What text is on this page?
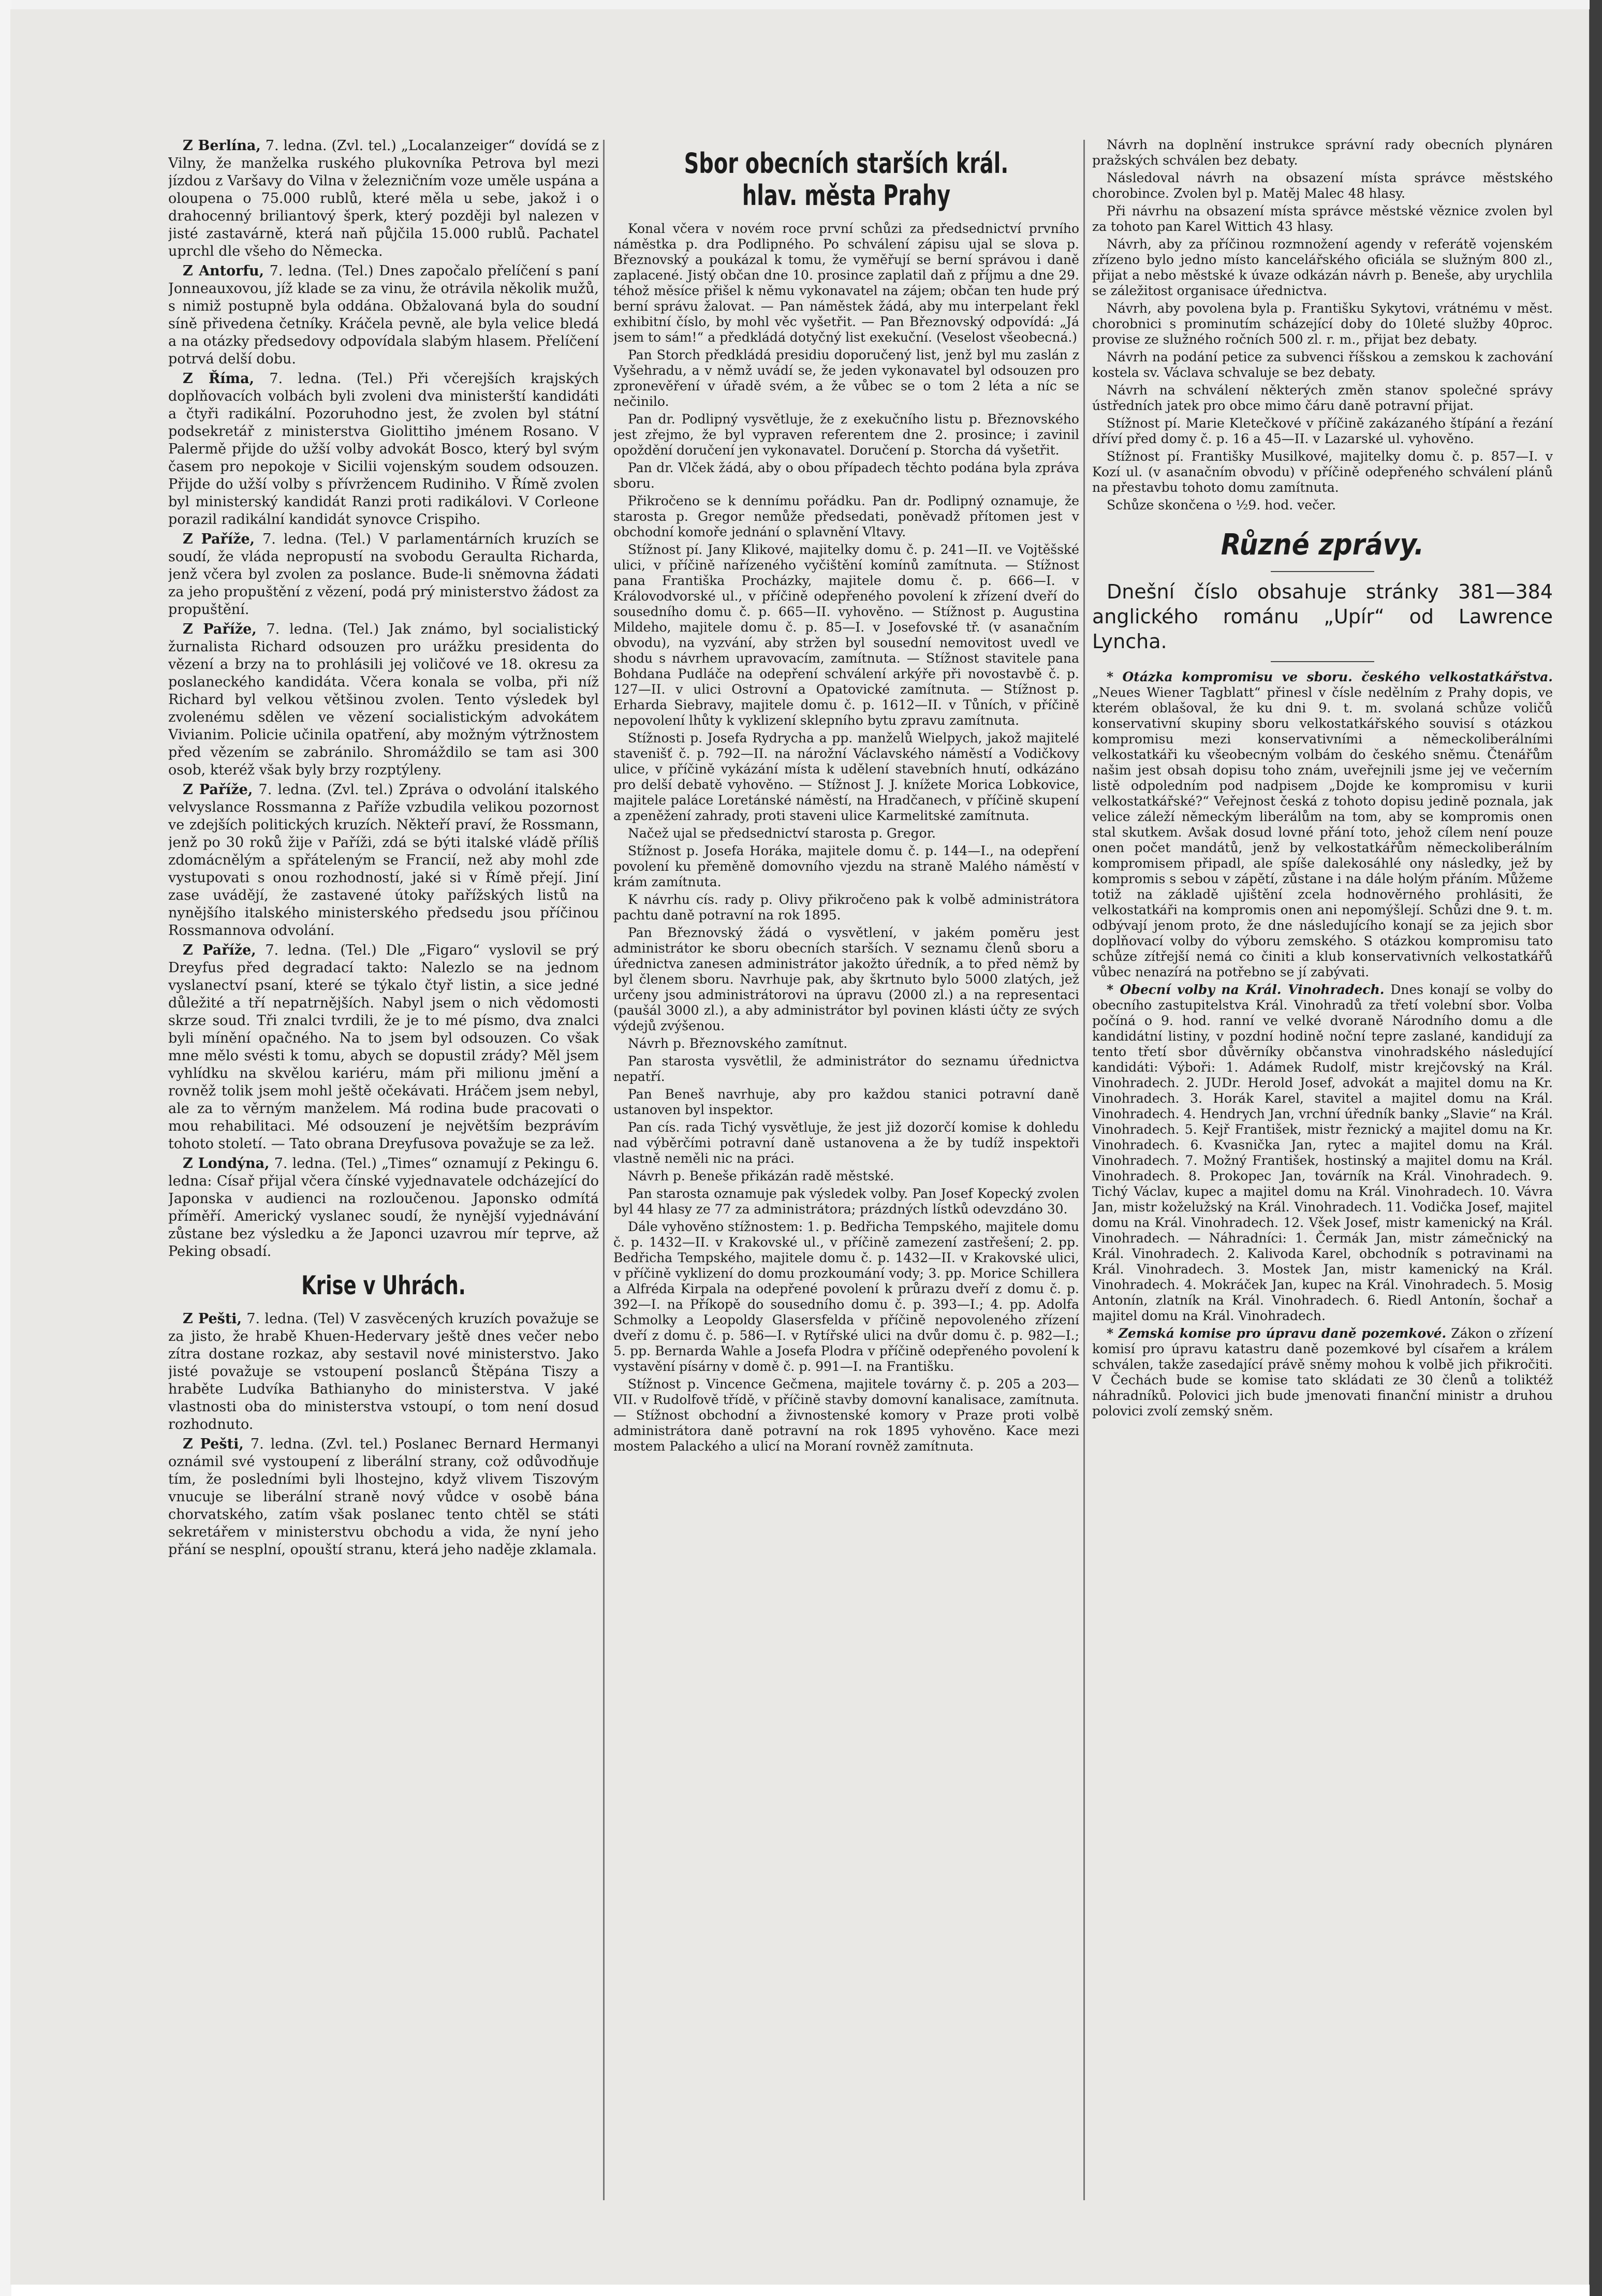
Z Berlína, 7. ledna. (Zvl. tel.) „Localanzeiger“ dovídá se z Vilny, že manželka ruského plukovníka Petrova byl mezi jízdou z Varšavy do Vilna v železničním voze uměle uspána a oloupena o 75.000 rublů, které měla u sebe, jakož i o drahocenný briliantový šperk, který později byl nalezen v jisté zastavárně, která naň půjčila 15.000 rublů. Pachatel uprchl dle všeho do Německa.

Z Antorfu, 7. ledna. (Tel.) Dnes započalo přelíčení s paní Jonneauxovou, jíž klade se za vinu, že otrávila několik mužů, s nimiž postupně byla oddána. Obžalovaná byla do soudní síně přivedena četníky. Kráčela pevně, ale byla velice bledá a na otázky předsedovy odpovídala slabým hlasem. Přelíčení potrvá delší dobu.

Z Říma, 7. ledna. (Tel.) Při včerejších krajských doplňovacích volbách byli zvoleni dva ministerští kandidáti a čtyři radikální. Pozoruhodno jest, že zvolen byl státní podsekretář z ministerstva Giolittiho jménem Rosano. V Palermě přijde do užší volby advokát Bosco, který byl svým časem pro nepokoje v Sicilii vojenským soudem odsouzen. Přijde do užší volby s přívržencem Rudiniho. V Římě zvolen byl ministerský kandidát Ranzi proti radikálovi. V Corleone porazil radikální kandidát synovce Crispiho.

Z Paříže, 7. ledna. (Tel.) V parlamentárních kruzích se soudí, že vláda nepropustí na svobodu Geraulta Richarda, jenž včera byl zvolen za poslance. Bude-li sněmovna žádati za jeho propuštění z vězení, podá prý ministerstvo žádost za propuštění.

Z Paříže, 7. ledna. (Tel.) Jak známo, byl socialistický žurnalista Richard odsouzen pro urážku presidenta do vězení a brzy na to prohlásili jej voličové ve 18. okresu za poslaneckého kandidáta. Včera konala se volba, při níž Richard byl velkou většinou zvolen. Tento výsledek byl zvolenému sdělen ve vězení socialistickým advokátem Vivianim. Policie učinila opatření, aby možným výtržnostem před vězením se zabránilo. Shromáždilo se tam asi 300 osob, kteréž však byly brzy rozptýleny.

Z Paříže, 7. ledna. (Zvl. tel.) Zpráva o odvolání italského velvyslance Rossmanna z Paříže vzbudila velikou pozornost ve zdejších politických kruzích. Někteří praví, že Rossmann, jenž po 30 roků žije v Paříži, zdá se býti italské vládě příliš zdomácnělým a spřáteleným se Francií, než aby mohl zde vystupovati s onou rozhodností, jaké si v Římě přejí. Jiní zase uvádějí, že zastavené útoky pařížských listů na nynějšího italského ministerského předsedu jsou příčinou Rossmannova odvolání.

Z Paříže, 7. ledna. (Tel.) Dle „Figaro“ vyslovil se prý Dreyfus před degradací takto: Nalezlo se na jednom vyslanectví psaní, které se týkalo čtyř listin, a sice jedné důležité a tří nepatrnějších. Nabyl jsem o nich vědomosti skrze soud. Tři znalci tvrdili, že je to mé písmo, dva znalci byli mínění opačného. Na to jsem byl odsouzen. Co však mne mělo svésti k tomu, abych se dopustil zrády? Měl jsem vyhlídku na skvělou kariéru, mám při milionu jmění a rovněž tolik jsem mohl ještě očekávati. Hráčem jsem nebyl, ale za to věrným manželem. Má rodina bude pracovati o mou rehabilitaci. Mé odsouzení je největším bezprávím tohoto století. — Tato obrana Dreyfusova považuje se za lež.

Z Londýna, 7. ledna. (Tel.) „Times“ oznamují z Pekingu 6. ledna: Císař přijal včera čínské vyjednavatele odcházející do Japonska v audienci na rozloučenou. Japonsko odmítá příměří. Americký vyslanec soudí, že nynější vyjednávání zůstane bez výsledku a že Japonci uzavrou mír teprve, až Peking obsadí.

Krise v Uhrách.

Z Pešti, 7. ledna. (Tel) V zasvěcených kruzích považuje se za jisto, že hrabě Khuen-Hedervary ještě dnes večer nebo zítra dostane rozkaz, aby sestavil nové ministerstvo. Jako jisté považuje se vstoupení poslanců Štěpána Tiszy a hraběte Ludvíka Bathianyho do ministerstva. V jaké vlastnosti oba do ministerstva vstoupí, o tom není dosud rozhodnuto.

Z Pešti, 7. ledna. (Zvl. tel.) Poslanec Bernard Hermanyi oznámil své vystoupení z liberální strany, což odůvodňuje tím, že posledními byli lhostejno, když vlivem Tiszovým vnucuje se liberální straně nový vůdce v osobě bána chorvatského, zatím však poslanec tento chtěl se státi sekretářem v ministerstvu obchodu a vida, že nyní jeho přání se nesplní, opouští stranu, která jeho naděje zklamala.

Sbor obecních starších král. hlav. města Prahy

Konal včera v novém roce první schůzi za předsednictví prvního náměstka p. dra Podlipného. Po schválení zápisu ujal se slova p. Březnovský a poukázal k tomu, že vyměřují se berní správou i daně zaplacené. Jistý občan dne 10. prosince zaplatil daň z příjmu a dne 29. téhož měsíce přišel k němu vykonavatel na zájem; občan ten hude prý berní správu žalovat. — Pan náměstek žádá, aby mu interpelant řekl exhibitní číslo, by mohl věc vyšetřit. — Pan Březnovský odpovídá: „Já jsem to sám!“ a předkládá dotyčný list exekuční. (Veselost všeobecná.)

Pan Storch předkládá presidiu doporučený list, jenž byl mu zaslán z Vyšehradu, a v němž uvádí se, že jeden vykonavatel byl odsouzen pro zpronevěření v úřadě svém, a že vůbec se o tom 2 léta a níc se nečinilo.

Pan dr. Podlipný vysvětluje, že z exekučního listu p. Březnovského jest zřejmo, že byl vypraven referentem dne 2. prosince; i zavinil opoždění doručení jen vykonavatel. Doručení p. Storcha dá vyšetřit.

Pan dr. Vlček žádá, aby o obou případech těchto podána byla zpráva sboru.

Přikročeno se k dennímu pořádku. Pan dr. Podlipný oznamuje, že starosta p. Gregor nemůže předsedati, poněvadž přítomen jest v obchodní komoře jednání o splavnění Vltavy.

Stížnost pí. Jany Klikové, majitelky domu č. p. 241—II. ve Vojtěšské ulici, v příčině nařízeného vyčištění komínů zamítnuta. — Stížnost pana Františka Procházky, majitele domu č. p. 666—I. v Královodvorské ul., v příčině odepřeného povolení k zřízení dveří do sousedního domu č. p. 665—II. vyhověno. — Stížnost p. Augustina Mildeho, majitele domu č. p. 85—I. v Josefovské tř. (v asanačním obvodu), na vyzvání, aby stržen byl sousední nemovitost uvedl ve shodu s návrhem upravovacím, zamítnuta. — Stížnost stavitele pana Bohdana Pudláče na odepření schválení arkýře při novostavbě č. p. 127—II. v ulici Ostrovní a Opatovické zamítnuta. — Stížnost p. Erharda Siebravy, majitele domu č. p. 1612—II. v Tůních, v příčině nepovolení lhůty k vyklizení sklepního bytu zpravu zamítnuta.

Stížnosti p. Josefa Rydrycha a pp. manželů Wielpych, jakož majitelé stavenišť č. p. 792—II. na nárožní Václavského náměstí a Vodičkovy ulice, v příčině vykázání místa k udělení stavebních hnutí, odkázáno pro delší debatě vyhověno. — Stížnost J. J. knížete Morica Lobkovice, majitele paláce Loretánské náměstí, na Hradčanech, v příčině skupení a zpeněžení zahrady, proti staveni ulice Karmelitské zamítnuta.

Načež ujal se předsednictví starosta p. Gregor.

Stížnost p. Josefa Horáka, majitele domu č. p. 144—I., na odepření povolení ku přeměně domovního vjezdu na straně Malého náměstí v krám zamítnuta.

K návrhu cís. rady p. Olivy přikročeno pak k volbě administrátora pachtu daně potravní na rok 1895.

Pan Březnovský žádá o vysvětlení, v jakém poměru jest administrátor ke sboru obecních starších. V seznamu členů sboru a úřednictva zanesen administrátor jakožto úředník, a to před němž by byl členem sboru. Navrhuje pak, aby škrtnuto bylo 5000 zlatých, jež určeny jsou administrátorovi na úpravu (2000 zl.) a na representaci (paušál 3000 zl.), a aby administrátor byl povinen klásti účty ze svých výdejů zvýšenou.

Návrh p. Březnovského zamítnut.

Pan starosta vysvětlil, že administrátor do seznamu úřednictva nepatří.

Pan Beneš navrhuje, aby pro každou stanici potravní daně ustanoven byl inspektor.

Pan cís. rada Tichý vysvětluje, že jest již dozorčí komise k dohledu nad výběrčími potravní daně ustanovena a že by tudíž inspektoři vlastně neměli nic na práci.

Návrh p. Beneše přikázán radě městské.

Pan starosta oznamuje pak výsledek volby. Pan Josef Kopecký zvolen byl 44 hlasy ze 77 za administrátora; prázdných lístků odevzdáno 30.

Dále vyhověno stížnostem: 1. p. Bedřicha Tempského, majitele domu č. p. 1432—II. v Krakovské ul., v příčině zamezení zastřešení; 2. pp. Bedřicha Tempského, majitele domu č. p. 1432—II. v Krakovské ulici, v příčině vyklizení do domu prozkoumání vody; 3. pp. Morice Schillera a Alfréda Kirpala na odepřené povolení k průrazu dveří z domu č. p. 392—I. na Příkopě do sousedního domu č. p. 393—I.; 4. pp. Adolfa Schmolky a Leopoldy Glasersfelda v příčině nepovoleného zřízení dveří z domu č. p. 586—I. v Rytířské ulici na dvůr domu č. p. 982—I.; 5. pp. Bernarda Wahle a Josefa Plodra v příčině odepřeného povolení k vystavění písárny v domě č. p. 991—I. na Františku.

Stížnost p. Vincence Gečmena, majitele továrny č. p. 205 a 203—VII. v Rudolfově třídě, v příčině stavby domovní kanalisace, zamítnuta. — Stížnost obchodní a živnostenské komory v Praze proti volbě administrátora daně potravní na rok 1895 vyhověno. Kace mezi mostem Palackého a ulicí na Moraní rovněž zamítnuta.

Návrh na doplnění instrukce správní rady obecních plynáren pražských schválen bez debaty.

Následoval návrh na obsazení místa správce městského chorobince. Zvolen byl p. Matěj Malec 48 hlasy.

Při návrhu na obsazení místa správce městské věznice zvolen byl za tohoto pan Karel Wittich 43 hlasy.

Návrh, aby za příčinou rozmnožení agendy v referátě vojenském zřízeno bylo jedno místo kancelářského oficiála se služným 800 zl., přijat a nebo městské k úvaze odkázán návrh p. Beneše, aby urychlila se záležitost organisace úřednictva.

Návrh, aby povolena byla p. Františku Sykytovi, vrátnému v měst. chorobnici s prominutím scházející doby do 10leté služby 40proc. provise ze služného ročních 500 zl. r. m., přijat bez debaty.

Návrh na podání petice za subvenci říšskou a zemskou k zachování kostela sv. Václava schvaluje se bez debaty.

Návrh na schválení některých změn stanov společné správy ústředních jatek pro obce mimo čáru daně potravní přijat.

Stížnost pí. Marie Kletečkové v příčině zakázaného štípání a řezání dříví před domy č. p. 16 a 45—II. v Lazarské ul. vyhověno.

Stížnost pí. Františky Musilkové, majitelky domu č. p. 857—I. v Kozí ul. (v asanačním obvodu) v příčině odepřeného schválení plánů na přestavbu tohoto domu zamítnuta.

Schůze skončena o ½9. hod. večer.

Různé zprávy.

Dnešní číslo obsahuje stránky 381—384 anglického románu „Upír“ od Lawrence Lyncha.

* Otázka kompromisu ve sboru. českého velkostatkářstva. „Neues Wiener Tagblatt“ přinesl v čísle nedělním z Prahy dopis, ve kterém oblašoval, že ku dni 9. t. m. svolaná schůze voličů konservativní skupiny sboru velkostatkářského souvisí s otázkou kompromisu mezi konservativními a německoliberálními velkostatkáři ku všeobecným volbám do českého sněmu. Čtenářům našim jest obsah dopisu toho znám, uveřejnili jsme jej ve večerním listě odpoledním pod nadpisem „Dojde ke kompromisu v kurii velkostatkářské?“ Veřejnost česká z tohoto dopisu jedině poznala, jak velice záleží německým liberálům na tom, aby se kompromis onen stal skutkem. Avšak dosud lovné přání toto, jehož cílem není pouze onen počet mandátů, jenž by velkostatkářům německoliberálním kompromisem připadl, ale spíše dalekosáhlé ony následky, jež by kompromis s sebou v zápětí, zůstane i na dále holým přáním. Můžeme totiž na základě ujištění zcela hodnověrného prohlásiti, že velkostatkáři na kompromis onen ani nepomýšlejí. Schůzi dne 9. t. m. odbývají jenom proto, že dne následujícího konají se za jejich sbor doplňovací volby do výboru zemského. S otázkou kompromisu tato schůze zítřejší nemá co činiti a klub konservativních velkostatkářů vůbec nenazírá na potřebno se jí zabývati.

* Obecní volby na Král. Vinohradech. Dnes konají se volby do obecního zastupitelstva Král. Vinohradů za třetí volební sbor. Volba počíná o 9. hod. ranní ve velké dvoraně Národního domu a dle kandidátní listiny, v pozdní hodině noční tepre zaslané, kandidují za tento třetí sbor důvěrníky občanstva vinohradského následující kandidáti: Výboři: 1. Adámek Rudolf, mistr krejčovský na Král. Vinohradech. 2. JUDr. Herold Josef, advokát a majitel domu na Kr. Vinohradech. 3. Horák Karel, stavitel a majitel domu na Král. Vinohradech. 4. Hendrych Jan, vrchní úředník banky „Slavie“ na Král. Vinohradech. 5. Kejř František, mistr řeznický a majitel domu na Kr. Vinohradech. 6. Kvasnička Jan, rytec a majitel domu na Král. Vinohradech. 7. Možný František, hostinský a majitel domu na Král. Vinohradech. 8. Prokopec Jan, továrník na Král. Vinohradech. 9. Tichý Václav, kupec a majitel domu na Král. Vinohradech. 10. Vávra Jan, mistr koželužský na Král. Vinohradech. 11. Vodička Josef, majitel domu na Král. Vinohradech. 12. Všek Josef, mistr kamenický na Král. Vinohradech. — Náhradníci: 1. Čermák Jan, mistr zámečnický na Král. Vinohradech. 2. Kalivoda Karel, obchodník s potravinami na Král. Vinohradech. 3. Mostek Jan, mistr kamenický na Král. Vinohradech. 4. Mokráček Jan, kupec na Král. Vinohradech. 5. Mosig Antonín, zlatník na Král. Vinohradech. 6. Riedl Antonín, šochař a majitel domu na Král. Vinohradech.

* Zemská komise pro úpravu daně pozemkové. Zákon o zřízení komisí pro úpravu katastru daně pozemkové byl císařem a králem schválen, takže zasedající právě sněmy mohou k volbě jich přikročiti. V Čechách bude se komise tato skládati ze 30 členů a toliktéž náhradníků. Polovici jich bude jmenovati finanční ministr a druhou polovici zvolí zemský sněm.
